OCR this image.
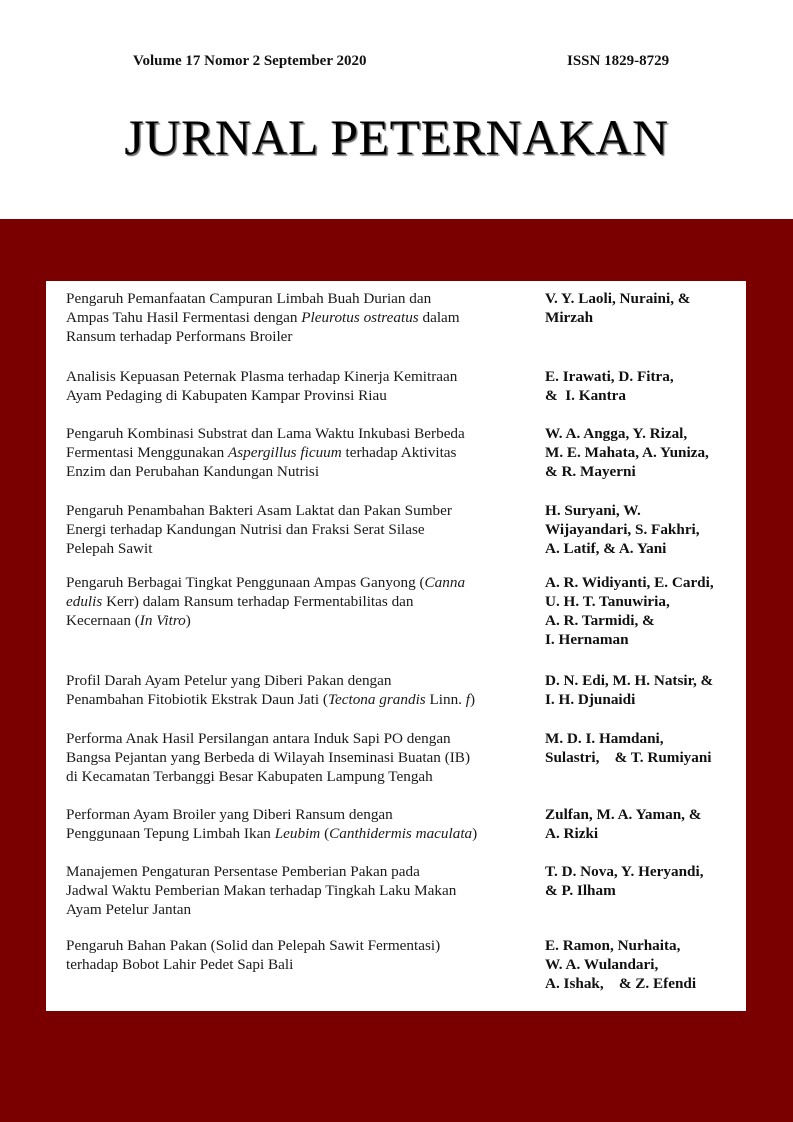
Volume 17 Nomor 2 September 2020	ISSN 1829-8729
JURNAL PETERNAKAN
Pengaruh Pemanfaatan Campuran Limbah Buah Durian dan
Ampas Tahu Hasil Fermentasi dengan Pleurotus ostreatus dalam
Ransum terhadap Performans Broiler
V. Y. Laoli, Nuraini, &
Mirzah
Analisis Kepuasan Peternak Plasma terhadap Kinerja Kemitraan
Ayam Pedaging di Kabupaten Kampar Provinsi Riau
E. Irawati, D. Fitra,
&  I. Kantra
Pengaruh Kombinasi Substrat dan Lama Waktu Inkubasi Berbeda
Fermentasi Menggunakan Aspergillus ficuum terhadap Aktivitas
Enzim dan Perubahan Kandungan Nutrisi
W. A. Angga, Y. Rizal,
M. E. Mahata, A. Yuniza,
& R. Mayerni
Pengaruh Penambahan Bakteri Asam Laktat dan Pakan Sumber
Energi terhadap Kandungan Nutrisi dan Fraksi Serat Silase
Pelepah Sawit
H. Suryani, W.
Wijayandari, S. Fakhri,
A. Latif, & A. Yani
Pengaruh Berbagai Tingkat Penggunaan Ampas Ganyong (Canna
edulis Kerr) dalam Ransum terhadap Fermentabilitas dan
Kecernaan (In Vitro)
A. R. Widiyanti, E. Cardi,
U. H. T. Tanuwiria,
A. R. Tarmidi, &
I. Hernaman
Profil Darah Ayam Petelur yang Diberi Pakan dengan
Penambahan Fitobiotik Ekstrak Daun Jati (Tectona grandis Linn. f)
D. N. Edi, M. H. Natsir, &
I. H. Djunaidi
Performa Anak Hasil Persilangan antara Induk Sapi PO dengan
Bangsa Pejantan yang Berbeda di Wilayah Inseminasi Buatan (IB)
di Kecamatan Terbanggi Besar Kabupaten Lampung Tengah
M. D. I. Hamdani,
Sulastri,    & T. Rumiyani
Performan Ayam Broiler yang Diberi Ransum dengan
Penggunaan Tepung Limbah Ikan Leubim (Canthidermis maculata)
Zulfan, M. A. Yaman, &
A. Rizki
Manajemen Pengaturan Persentase Pemberian Pakan pada
Jadwal Waktu Pemberian Makan terhadap Tingkah Laku Makan
Ayam Petelur Jantan
T. D. Nova, Y. Heryandi,
& P. Ilham
Pengaruh Bahan Pakan (Solid dan Pelepah Sawit Fermentasi)
terhadap Bobot Lahir Pedet Sapi Bali
E. Ramon, Nurhaita,
W. A. Wulandari,
A. Ishak,    & Z. Efendi
